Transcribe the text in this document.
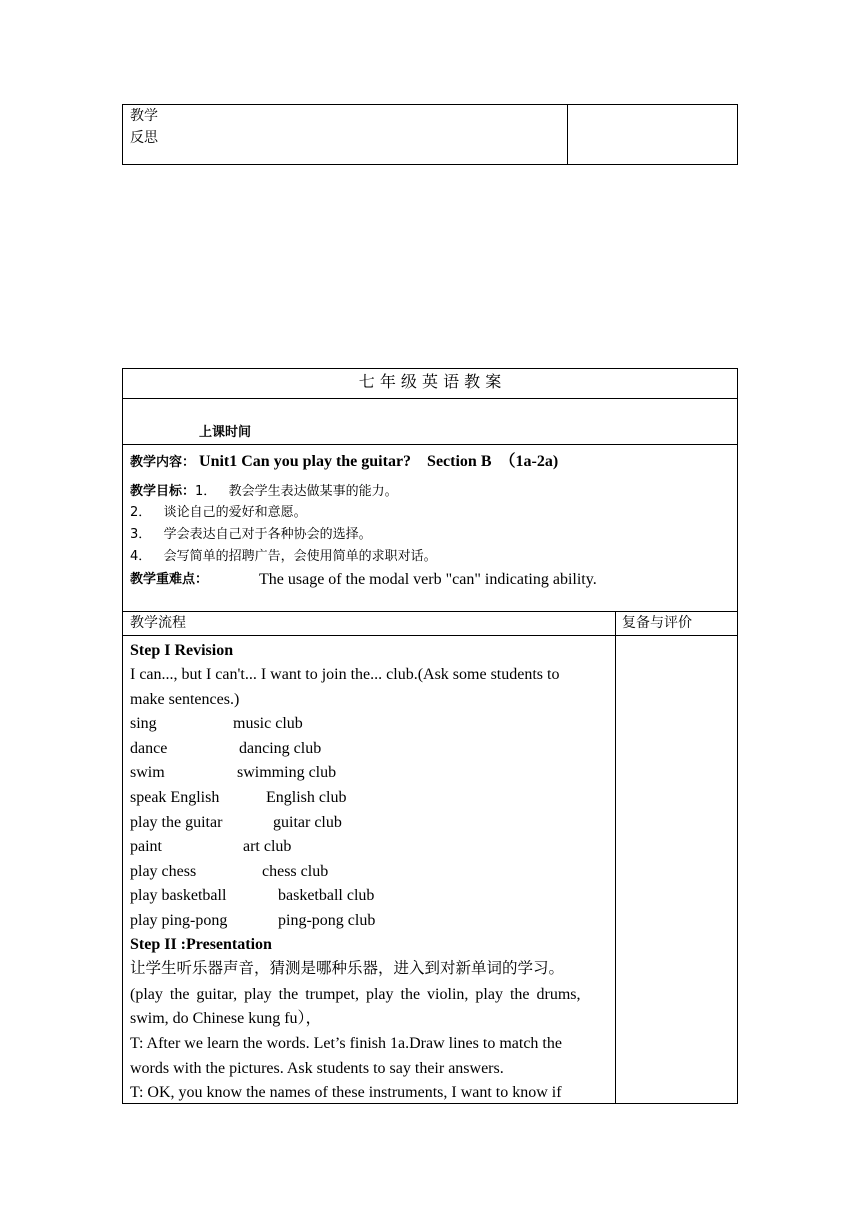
教学
反思
七 年 级 英 语 教 案
上课时间
教学内容： Unit1 Can you play the guitar?    Section B  （1a-2a)
教学目标：1．   教会学生表达做某事的能力。
2．   谈论自己的爱好和意愿。
3．   学会表达自己对于各种协会的选择。
4．   会写简单的招聘广告，会使用简单的求职对话。
教学重难点：	The usage of the modal verb "can" indicating ability.
教学流程	复备与评价
Step I Revision
I can..., but I can't... I want to join the... club.(Ask some students to
make sentences.)
sing	music club
dance	dancing club
swim	swimming club
speak English	English club
play the guitar	guitar club
paint	art club
play chess	chess club
play basketball	basketball club
play ping-pong	ping-pong club
Step II :Presentation
让学生听乐器声音，猜测是哪种乐器，进入到对新单词的学习。
(play the guitar, play the trumpet, play the violin, play the drums,
swim, do Chinese kung fu），
T: After we learn the words. Let’s finish 1a.Draw lines to match the
words with the pictures. Ask students to say their answers.
T: OK, you know the names of these instruments, I want to know if
